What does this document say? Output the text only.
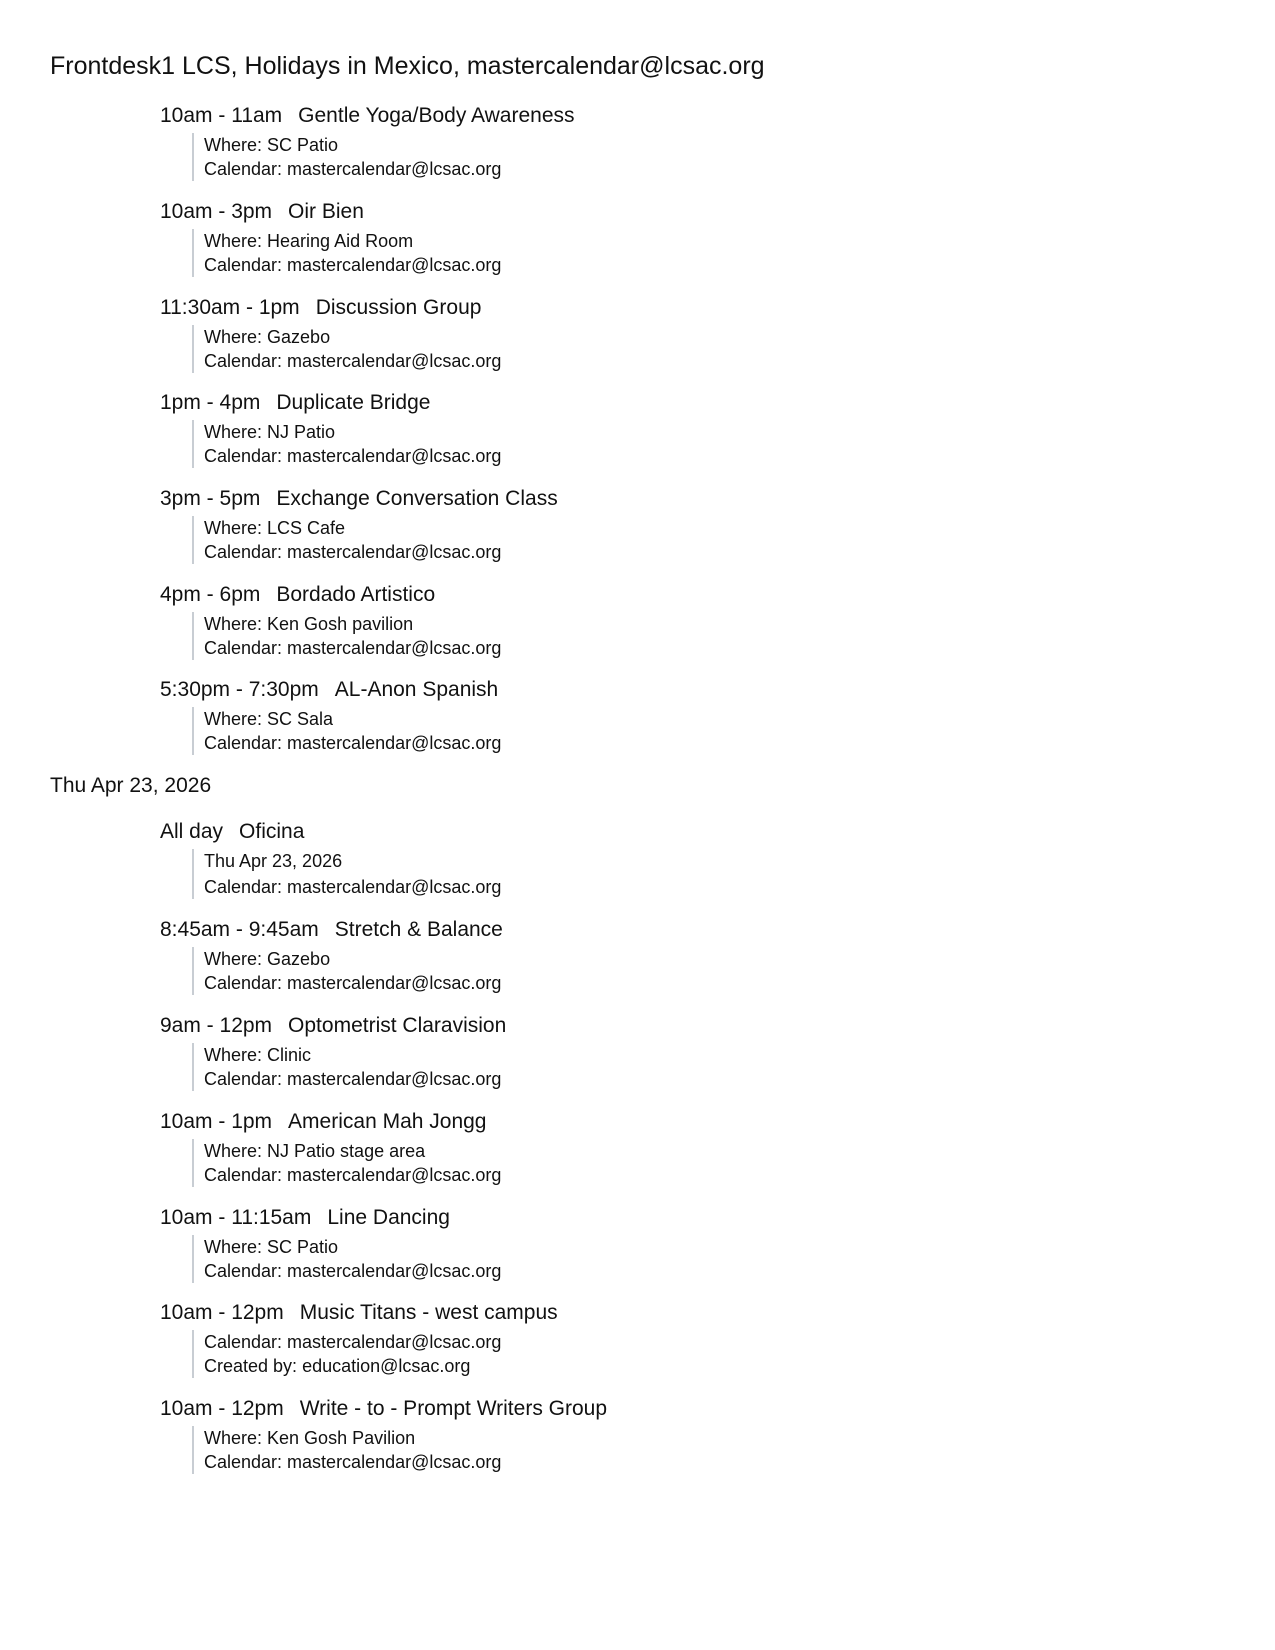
Frontdesk1 LCS, Holidays in Mexico, mastercalendar@lcsac.org
10am - 11am Gentle Yoga/Body Awareness
Where: SC Patio
Calendar: mastercalendar@lcsac.org
10am - 3pm Oir Bien
Where: Hearing Aid Room
Calendar: mastercalendar@lcsac.org
11:30am - 1pm Discussion Group
Where: Gazebo
Calendar: mastercalendar@lcsac.org
1pm - 4pm Duplicate Bridge
Where: NJ Patio
Calendar: mastercalendar@lcsac.org
3pm - 5pm Exchange Conversation Class
Where: LCS Cafe
Calendar: mastercalendar@lcsac.org
4pm - 6pm Bordado Artistico
Where: Ken Gosh pavilion
Calendar: mastercalendar@lcsac.org
5:30pm - 7:30pm AL-Anon Spanish
Where: SC Sala
Calendar: mastercalendar@lcsac.org
Thu Apr 23, 2026
All day Oficina
Thu Apr 23, 2026
Calendar: mastercalendar@lcsac.org
8:45am - 9:45am Stretch & Balance
Where: Gazebo
Calendar: mastercalendar@lcsac.org
9am - 12pm Optometrist Claravision
Where: Clinic
Calendar: mastercalendar@lcsac.org
10am - 1pm American Mah Jongg
Where: NJ Patio stage area
Calendar: mastercalendar@lcsac.org
10am - 11:15am Line Dancing
Where: SC Patio
Calendar: mastercalendar@lcsac.org
10am - 12pm Music Titans - west campus
Calendar: mastercalendar@lcsac.org
Created by: education@lcsac.org
10am - 12pm Write - to - Prompt Writers Group
Where: Ken Gosh Pavilion
Calendar: mastercalendar@lcsac.org
